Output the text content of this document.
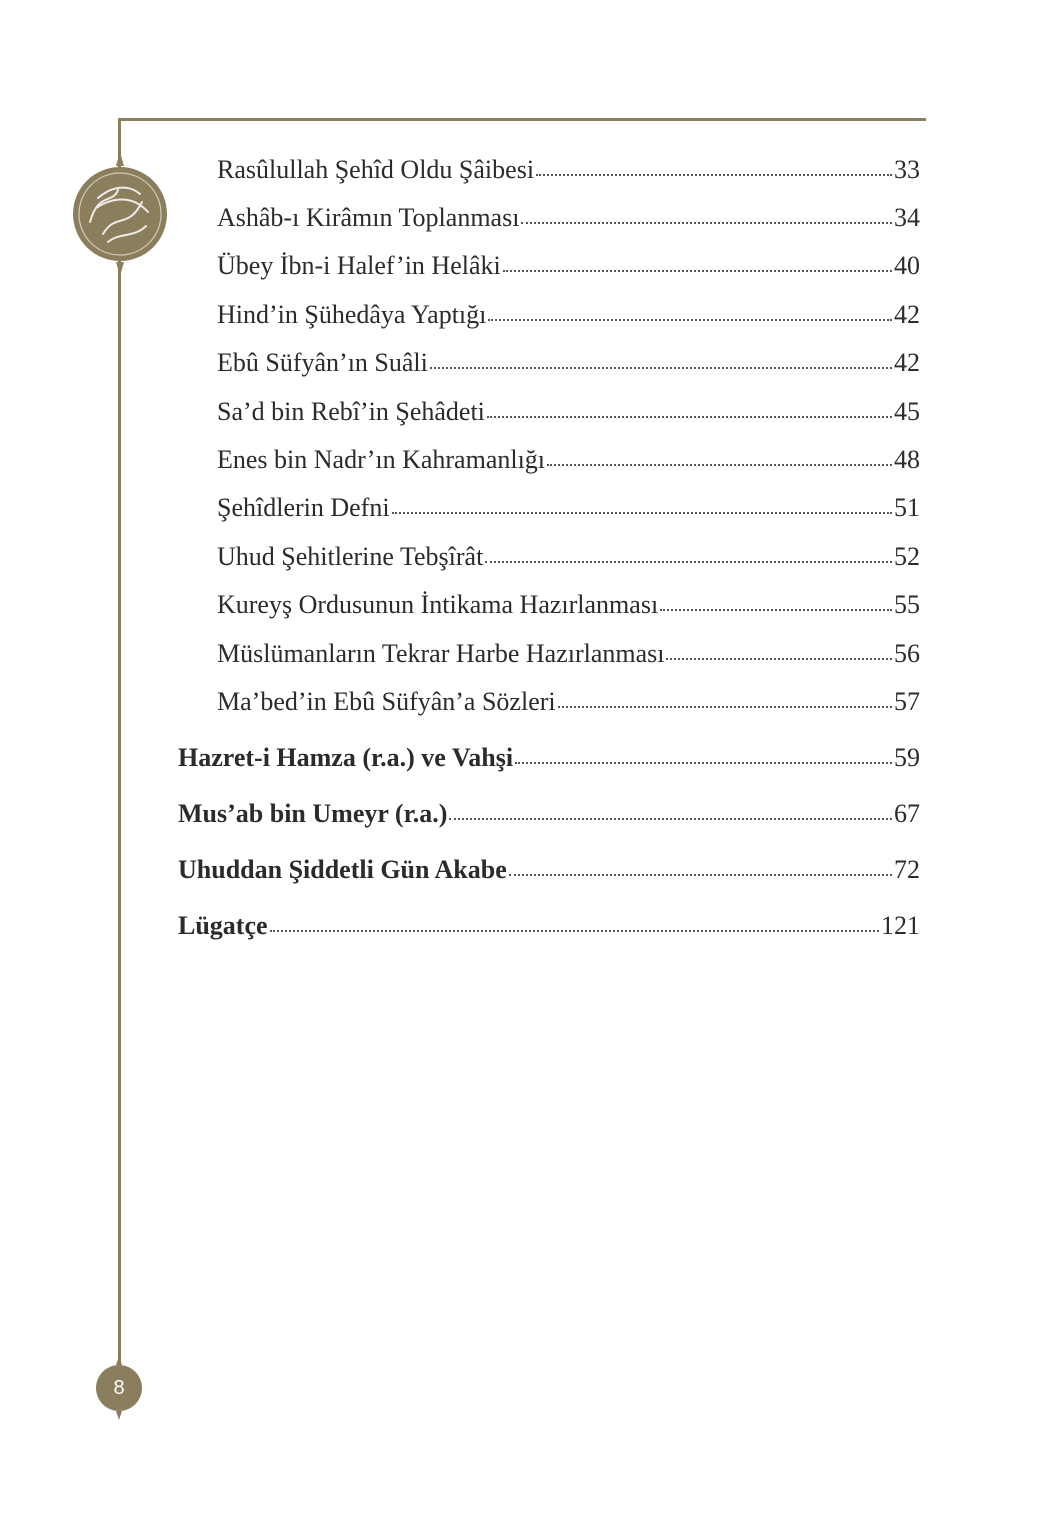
8
Rasûlullah Şehîd Oldu Şâibesi	33
Ashâb-ı Kirâmın Toplanması	34
Übey İbn-i Halef’in Helâki	40
Hind’in Şühedâya Yaptığı	42
Ebû Süfyân’ın Suâli	42
Sa’d bin Rebî’in Şehâdeti	45
Enes bin Nadr’ın Kahramanlığı	48
Şehîdlerin Defni	51
Uhud Şehitlerine Tebşîrât	52
Kureyş Ordusunun İntikama Hazırlanması	55
Müslümanların Tekrar Harbe Hazırlanması	56
Ma’bed’in Ebû Süfyân’a Sözleri	57
Hazret-i Hamza (r.a.) ve Vahşi	59
Mus’ab bin Umeyr (r.a.)	67
Uhuddan Şiddetli Gün Akabe	72
Lügatçe	121
